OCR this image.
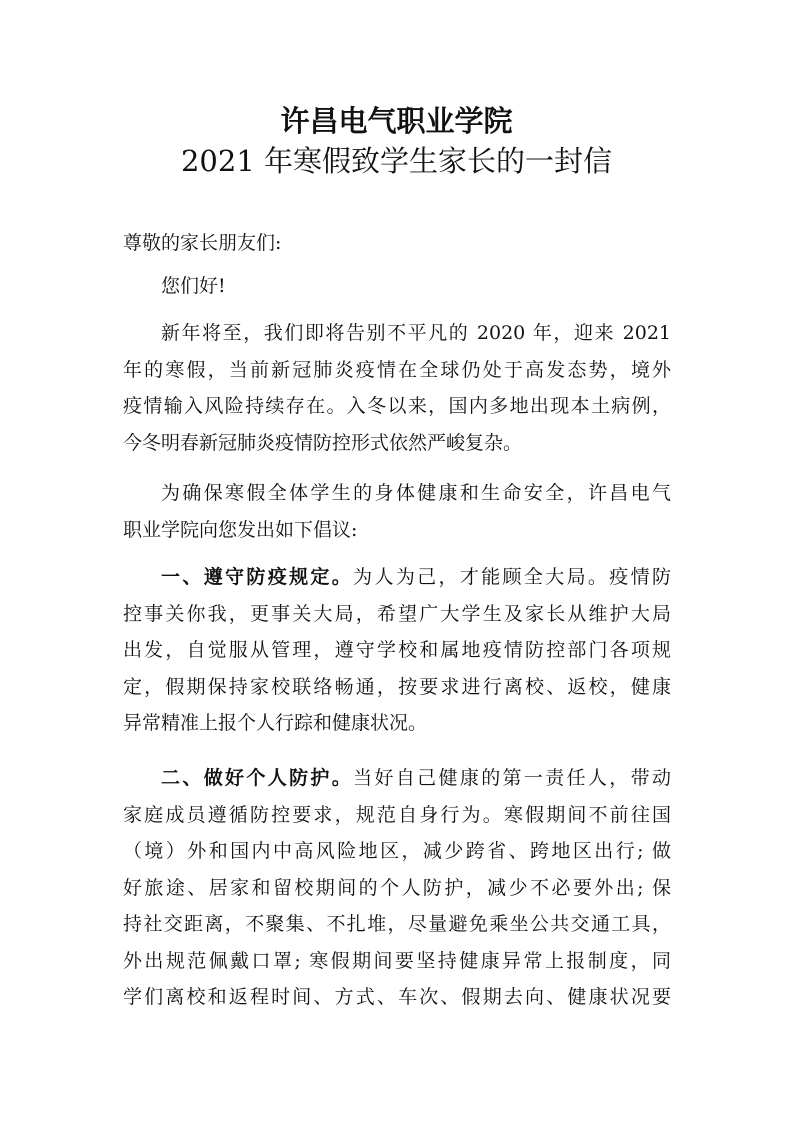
许昌电气职业学院
2021 年寒假致学生家长的一封信

尊敬的家长朋友们:

您们好!

新年将至，我们即将告别不平凡的 2020 年，迎来 2021
年的寒假，当前新冠肺炎疫情在全球仍处于高发态势，境外
疫情输入风险持续存在。入冬以来，国内多地出现本土病例，
今冬明春新冠肺炎疫情防控形式依然严峻复杂。
为确保寒假全体学生的身体健康和生命安全，许昌电气
职业学院向您发出如下倡议:
一、遵守防疫规定。为人为己，才能顾全大局。疫情防
控事关你我，更事关大局，希望广大学生及家长从维护大局
出发，自觉服从管理，遵守学校和属地疫情防控部门各项规
定，假期保持家校联络畅通，按要求进行离校、返校，健康
异常精准上报个人行踪和健康状况。
二、做好个人防护。当好自己健康的第一责任人，带动
家庭成员遵循防控要求，规范自身行为。寒假期间不前往国
（境）外和国内中高风险地区，减少跨省、跨地区出行; 做
好旅途、居家和留校期间的个人防护，减少不必要外出; 保
持社交距离，不聚集、不扎堆，尽量避免乘坐公共交通工具，
外出规范佩戴口罩; 寒假期间要坚持健康异常上报制度，同
学们离校和返程时间、方式、车次、假期去向、健康状况要
